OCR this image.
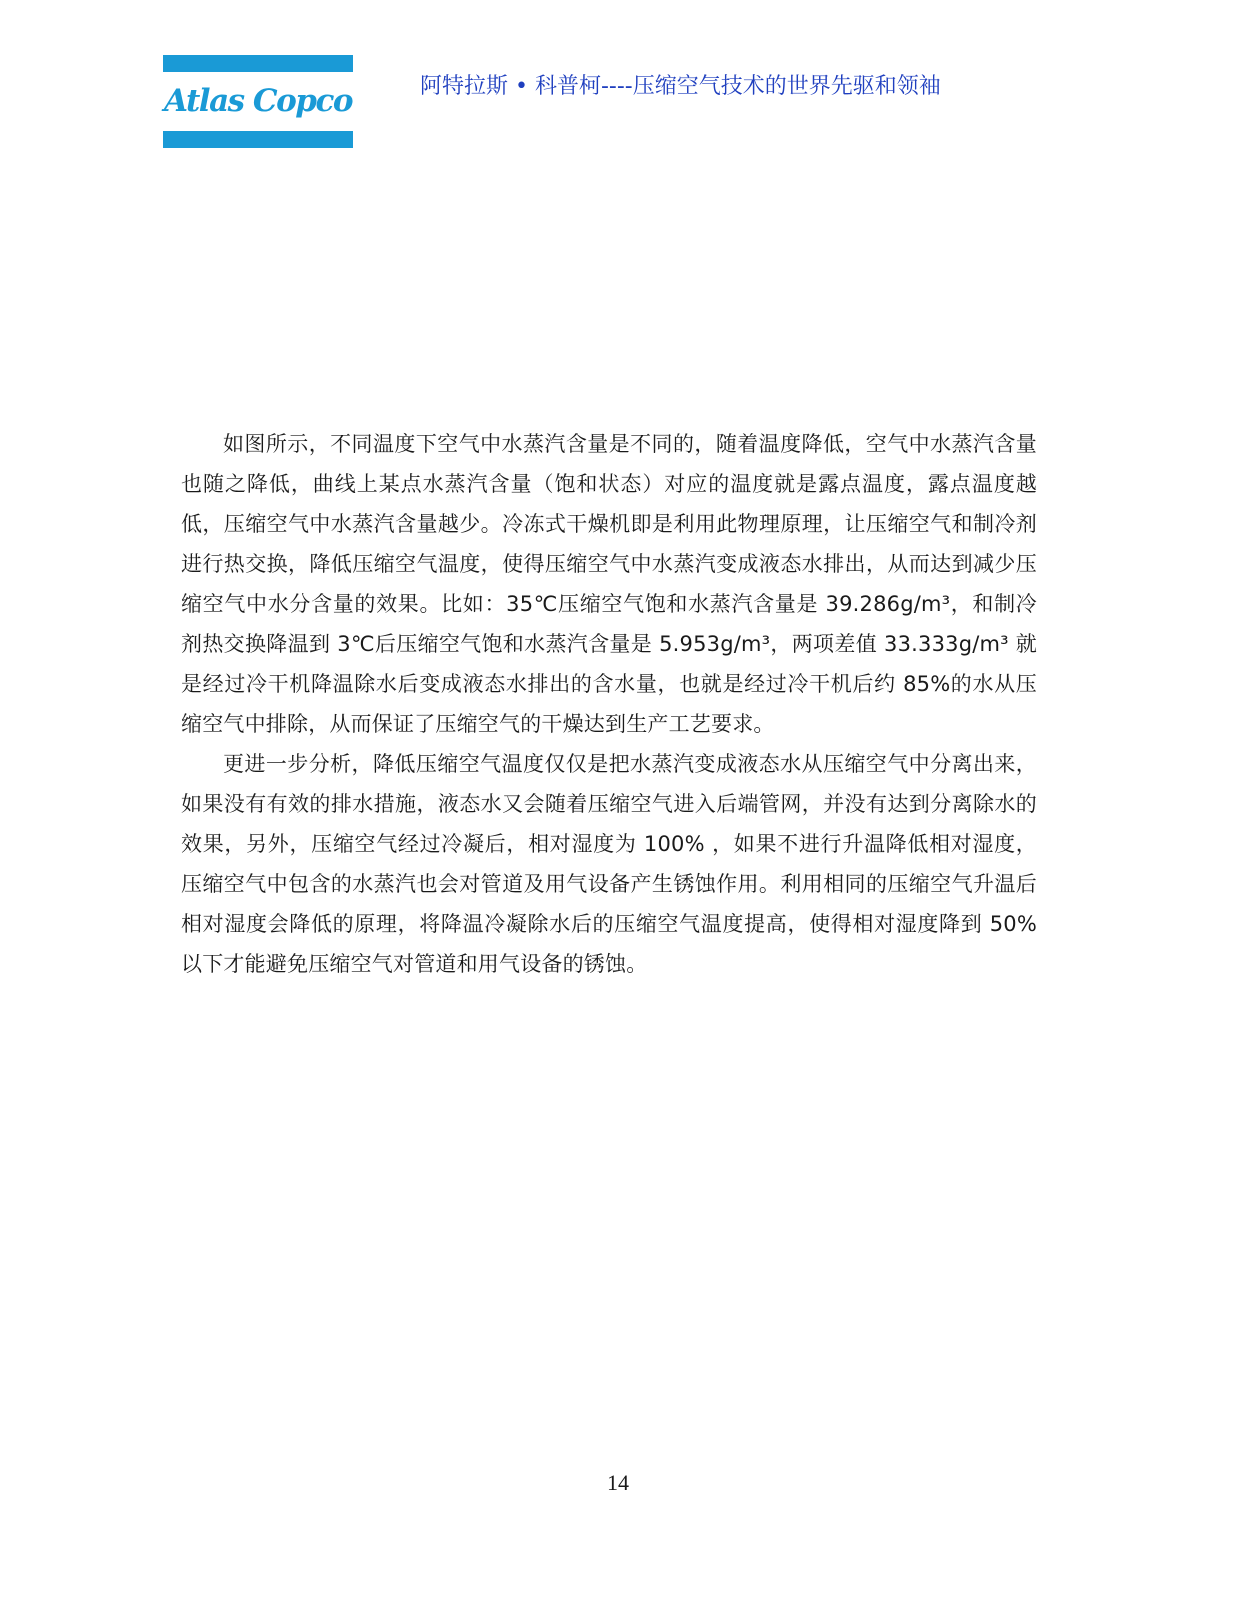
Atlas Copco	阿特拉斯 • 科普柯----压缩空气技术的世界先驱和领袖

如图所示，不同温度下空气中水蒸汽含量是不同的，随着温度降低，空气中水蒸汽含量也随之降低，曲线上某点水蒸汽含量（饱和状态）对应的温度就是露点温度，露点温度越低，压缩空气中水蒸汽含量越少。冷冻式干燥机即是利用此物理原理，让压缩空气和制冷剂进行热交换，降低压缩空气温度，使得压缩空气中水蒸汽变成液态水排出，从而达到减少压缩空气中水分含量的效果。比如：35℃压缩空气饱和水蒸汽含量是 39.286g/m³，和制冷剂热交换降温到 3℃后压缩空气饱和水蒸汽含量是 5.953g/m³，两项差值 33.333g/m³ 就是经过冷干机降温除水后变成液态水排出的含水量，也就是经过冷干机后约 85%的水从压缩空气中排除，从而保证了压缩空气的干燥达到生产工艺要求。

更进一步分析，降低压缩空气温度仅仅是把水蒸汽变成液态水从压缩空气中分离出来，如果没有有效的排水措施，液态水又会随着压缩空气进入后端管网，并没有达到分离除水的效果，另外，压缩空气经过冷凝后，相对湿度为 100% ，如果不进行升温降低相对湿度，压缩空气中包含的水蒸汽也会对管道及用气设备产生锈蚀作用。利用相同的压缩空气升温后相对湿度会降低的原理，将降温冷凝除水后的压缩空气温度提高，使得相对湿度降到 50%以下才能避免压缩空气对管道和用气设备的锈蚀。

14
